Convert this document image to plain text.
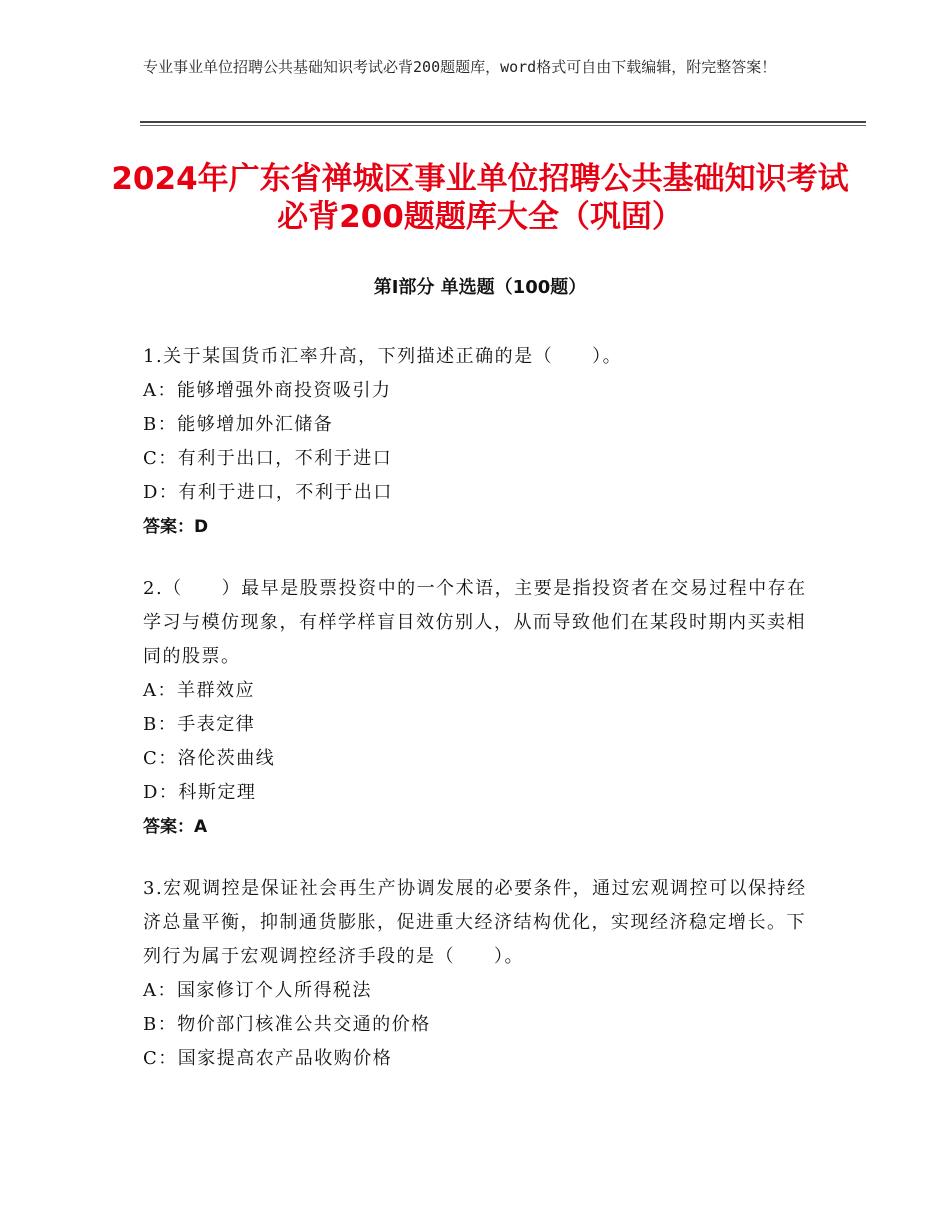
专业事业单位招聘公共基础知识考试必背200题题库，word格式可自由下载编辑，附完整答案！
2024年广东省禅城区事业单位招聘公共基础知识考试必背200题题库大全（巩固）
第Ⅰ部分 单选题（100题）
1.关于某国货币汇率升高，下列描述正确的是（　　）。
A：能够增强外商投资吸引力
B：能够增加外汇储备
C：有利于出口，不利于进口
D：有利于进口，不利于出口
答案：D
2.（　　）最早是股票投资中的一个术语，主要是指投资者在交易过程中存在学习与模仿现象，有样学样盲目效仿别人，从而导致他们在某段时期内买卖相同的股票。
A：羊群效应
B：手表定律
C：洛伦茨曲线
D：科斯定理
答案：A
3.宏观调控是保证社会再生产协调发展的必要条件，通过宏观调控可以保持经济总量平衡，抑制通货膨胀，促进重大经济结构优化，实现经济稳定增长。下列行为属于宏观调控经济手段的是（　　）。
A：国家修订个人所得税法
B：物价部门核准公共交通的价格
C：国家提高农产品收购价格
